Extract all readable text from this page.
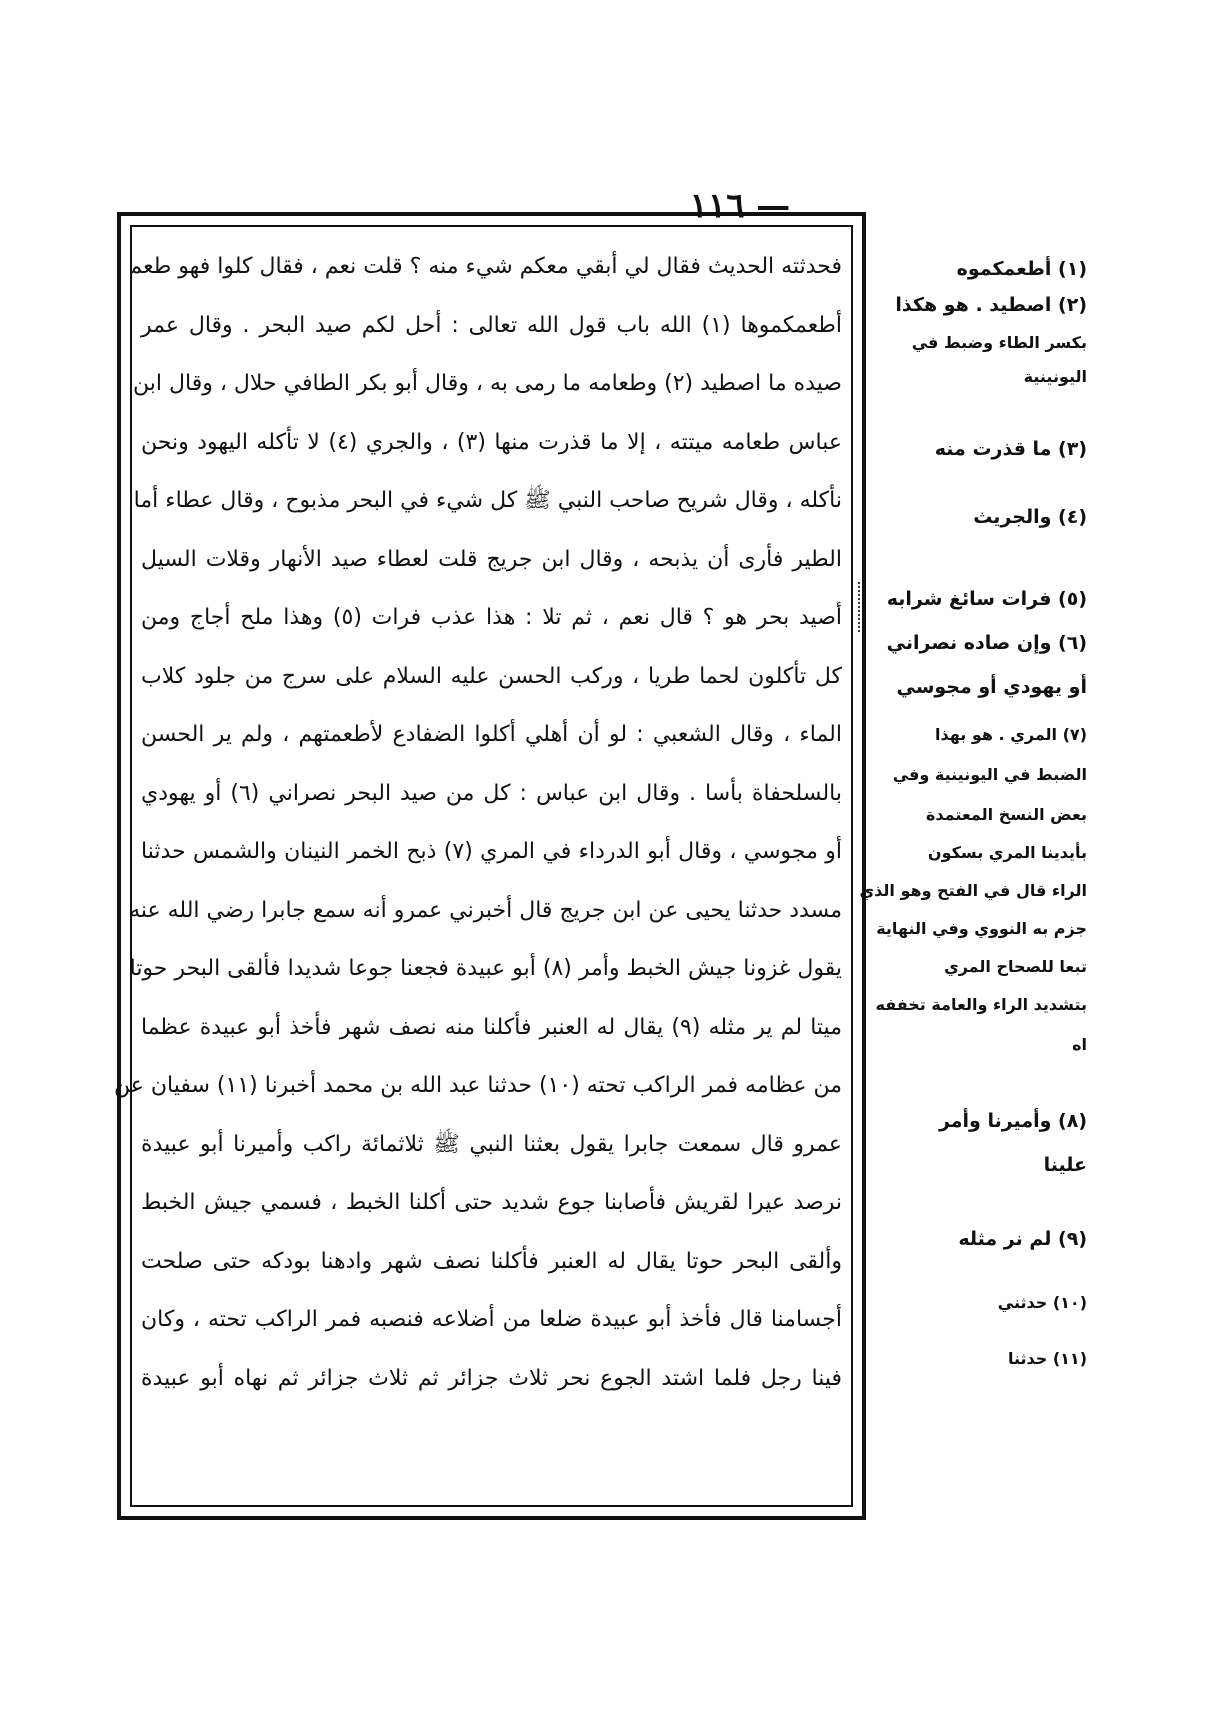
— ١١٦
فحدثته الحديث فقال لي أبقي معكم شيء منه ؟ قلت نعم ، فقال كلوا فهو طعم
أطعمكموها (١) الله باب قول الله تعالى : أحل لكم صيد البحر . وقال عمر
صيده ما اصطيد (٢) وطعامه ما رمى به ، وقال أبو بكر الطافي حلال ، وقال ابن
عباس طعامه ميتته ، إلا ما قذرت منها (٣) ، والجري (٤) لا تأكله اليهود ونحن
نأكله ، وقال شريح صاحب النبي ﷺ كل شيء في البحر مذبوح ، وقال عطاء أما
الطير فأرى أن يذبحه ، وقال ابن جريج قلت لعطاء صيد الأنهار وقلات السيل
أصيد بحر هو ؟ قال نعم ، ثم تلا : هذا عذب فرات (٥) وهذا ملح أجاج ومن
كل تأكلون لحما طريا ، وركب الحسن عليه السلام على سرج من جلود كلاب
الماء ، وقال الشعبي : لو أن أهلي أكلوا الضفادع لأطعمتهم ، ولم ير الحسن
بالسلحفاة بأسا . وقال ابن عباس : كل من صيد البحر نصراني (٦) أو يهودي
أو مجوسي ، وقال أبو الدرداء في المري (٧) ذبح الخمر النينان والشمس حدثنا
مسدد حدثنا يحيى عن ابن جريج قال أخبرني عمرو أنه سمع جابرا رضي الله عنه
يقول غزونا جيش الخبط وأمر (٨) أبو عبيدة فجعنا جوعا شديدا فألقى البحر حوتا
ميتا لم ير مثله (٩) يقال له العنبر فأكلنا منه نصف شهر فأخذ أبو عبيدة عظما
من عظامه فمر الراكب تحته (١٠) حدثنا عبد الله بن محمد أخبرنا (١١) سفيان عن
عمرو قال سمعت جابرا يقول بعثنا النبي ﷺ ثلاثمائة راكب وأميرنا أبو عبيدة
نرصد عيرا لقريش فأصابنا جوع شديد حتى أكلنا الخبط ، فسمي جيش الخبط
وألقى البحر حوتا يقال له العنبر فأكلنا نصف شهر وادهنا بودكه حتى صلحت
أجسامنا قال فأخذ أبو عبيدة ضلعا من أضلاعه فنصبه فمر الراكب تحته ، وكان
فينا رجل فلما اشتد الجوع نحر ثلاث جزائر ثم ثلاث جزائر ثم نهاه أبو عبيدة
(١) أطعمكموه
(٢) اصطيد . هو هكذا
بكسر الطاء وضبط في
اليونينية
(٣) ما قذرت منه
(٤) والجريث
(٥) فرات سائغ شرابه
(٦) وإن صاده نصراني
أو يهودي أو مجوسي
(٧) المري . هو بهذا
الضبط في اليونينية وفي
بعض النسخ المعتمدة
بأيدينا المري بسكون
الراء قال في الفتح وهو الذي
جزم به النووي وفي النهاية
تبعا للصحاح المري
بتشديد الراء والعامة تخففه
اه
(٨) وأميرنا وأمر
علينا
(٩) لم نر مثله
(١٠) حدثني
(١١) حدثنا
